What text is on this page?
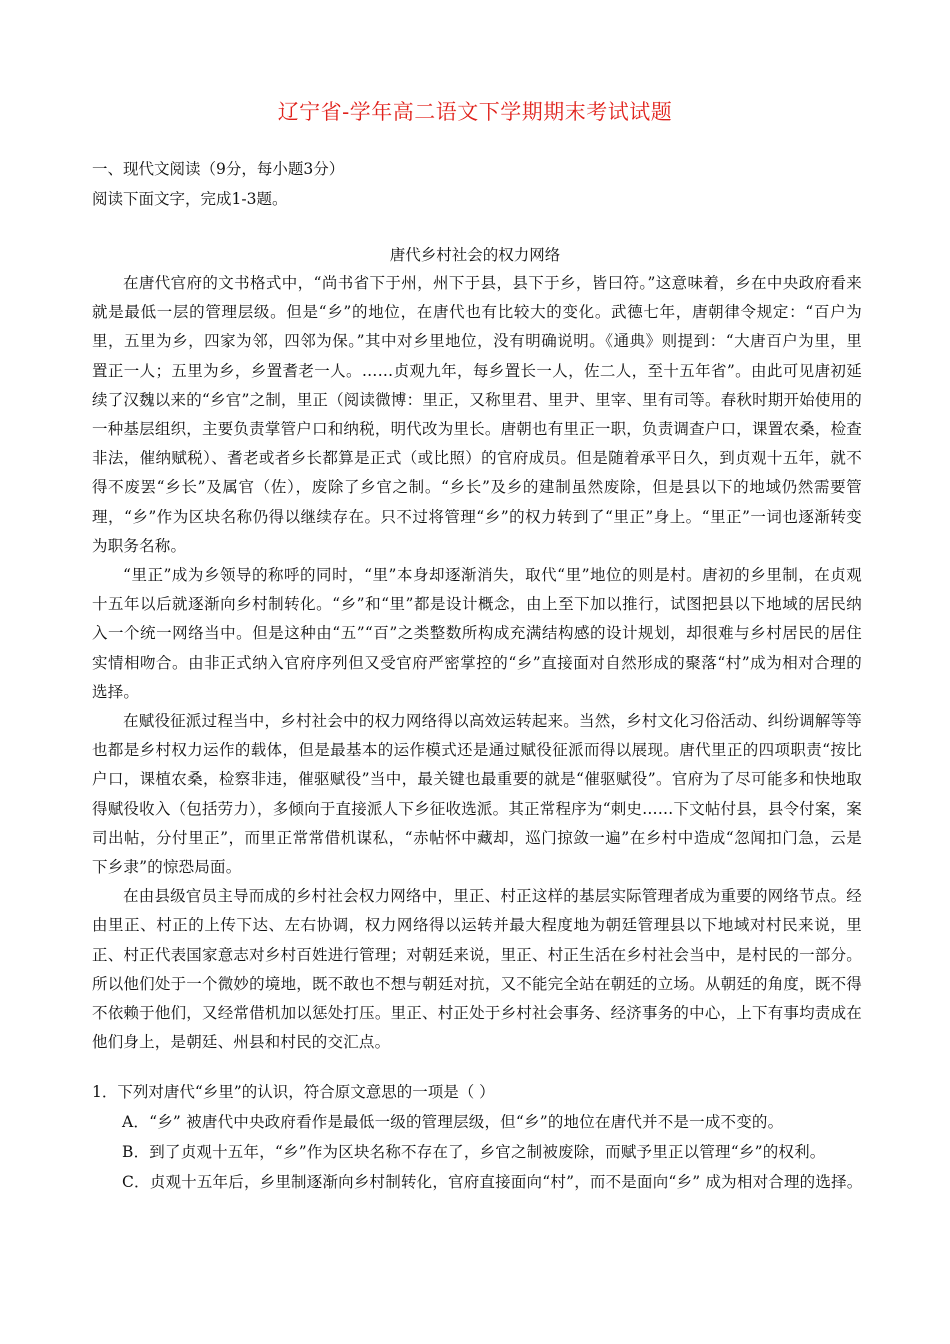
辽宁省-学年高二语文下学期期末考试试题
一、现代文阅读（9分，每小题3分）
阅读下面文字，完成1-3题。
唐代乡村社会的权力网络

在唐代官府的文书格式中，“尚书省下于州，州下于县，县下于乡，皆曰符。”这意味着，乡在中央政府看来就是最低一层的管理层级。但是“乡”的地位，在唐代也有比较大的变化。武德七年，唐朝律令规定：“百户为里，五里为乡，四家为邻，四邻为保。”其中对乡里地位，没有明确说明。《通典》则提到：“大唐百户为里，里置正一人；五里为乡，乡置耆老一人。……贞观九年，每乡置长一人，佐二人，至十五年省”。由此可见唐初延续了汉魏以来的“乡官”之制，里正（阅读微博：里正，又称里君、里尹、里宰、里有司等。春秋时期开始使用的一种基层组织，主要负责掌管户口和纳税，明代改为里长。唐朝也有里正一职，负责调查户口，课置农桑，检查非法，催纳赋税）、耆老或者乡长都算是正式（或比照）的官府成员。但是随着承平日久，到贞观十五年，就不得不废罢“乡长”及属官（佐），废除了乡官之制。“乡长”及乡的建制虽然废除，但是县以下的地域仍然需要管理，“乡”作为区块名称仍得以继续存在。只不过将管理“乡”的权力转到了“里正”身上。“里正”一词也逐渐转变为职务名称。

“里正”成为乡领导的称呼的同时，“里”本身却逐渐消失，取代“里”地位的则是村。唐初的乡里制，在贞观十五年以后就逐渐向乡村制转化。“乡”和“里”都是设计概念，由上至下加以推行，试图把县以下地域的居民纳入一个统一网络当中。但是这种由“五”“百”之类整数所构成充满结构感的设计规划，却很难与乡村居民的居住实情相吻合。由非正式纳入官府序列但又受官府严密掌控的“乡”直接面对自然形成的聚落“村”成为相对合理的选择。

在赋役征派过程当中，乡村社会中的权力网络得以高效运转起来。当然，乡村文化习俗活动、纠纷调解等等也都是乡村权力运作的载体，但是最基本的运作模式还是通过赋役征派而得以展现。唐代里正的四项职责“按比户口，课植农桑，检察非违，催驱赋役”当中，最关键也最重要的就是“催驱赋役”。官府为了尽可能多和快地取得赋役收入（包括劳力），多倾向于直接派人下乡征收选派。其正常程序为“刺史……下文帖付县，县令付案，案司出帖，分付里正”，而里正常常借机谋私，“赤帖怀中藏却，巡门掠敛一遍”在乡村中造成“忽闻扣门急，云是下乡隶”的惊恐局面。

在由县级官员主导而成的乡村社会权力网络中，里正、村正这样的基层实际管理者成为重要的网络节点。经由里正、村正的上传下达、左右协调，权力网络得以运转并最大程度地为朝廷管理县以下地域对村民来说，里正、村正代表国家意志对乡村百姓进行管理；对朝廷来说，里正、村正生活在乡村社会当中，是村民的一部分。所以他们处于一个微妙的境地，既不敢也不想与朝廷对抗，又不能完全站在朝廷的立场。从朝廷的角度，既不得不依赖于他们，又经常借机加以惩处打压。里正、村正处于乡村社会事务、经济事务的中心，上下有事均责成在他们身上，是朝廷、州县和村民的交汇点。

1．下列对唐代“乡里”的认识，符合原文意思的一项是（ ）

A．“乡” 被唐代中央政府看作是最低一级的管理层级，但“乡”的地位在唐代并不是一成不变的。

B．到了贞观十五年，“乡”作为区块名称不存在了，乡官之制被废除，而赋予里正以管理“乡”的权利。

C．贞观十五年后，乡里制逐渐向乡村制转化，官府直接面向“村”，而不是面向“乡” 成为相对合理的选择。
